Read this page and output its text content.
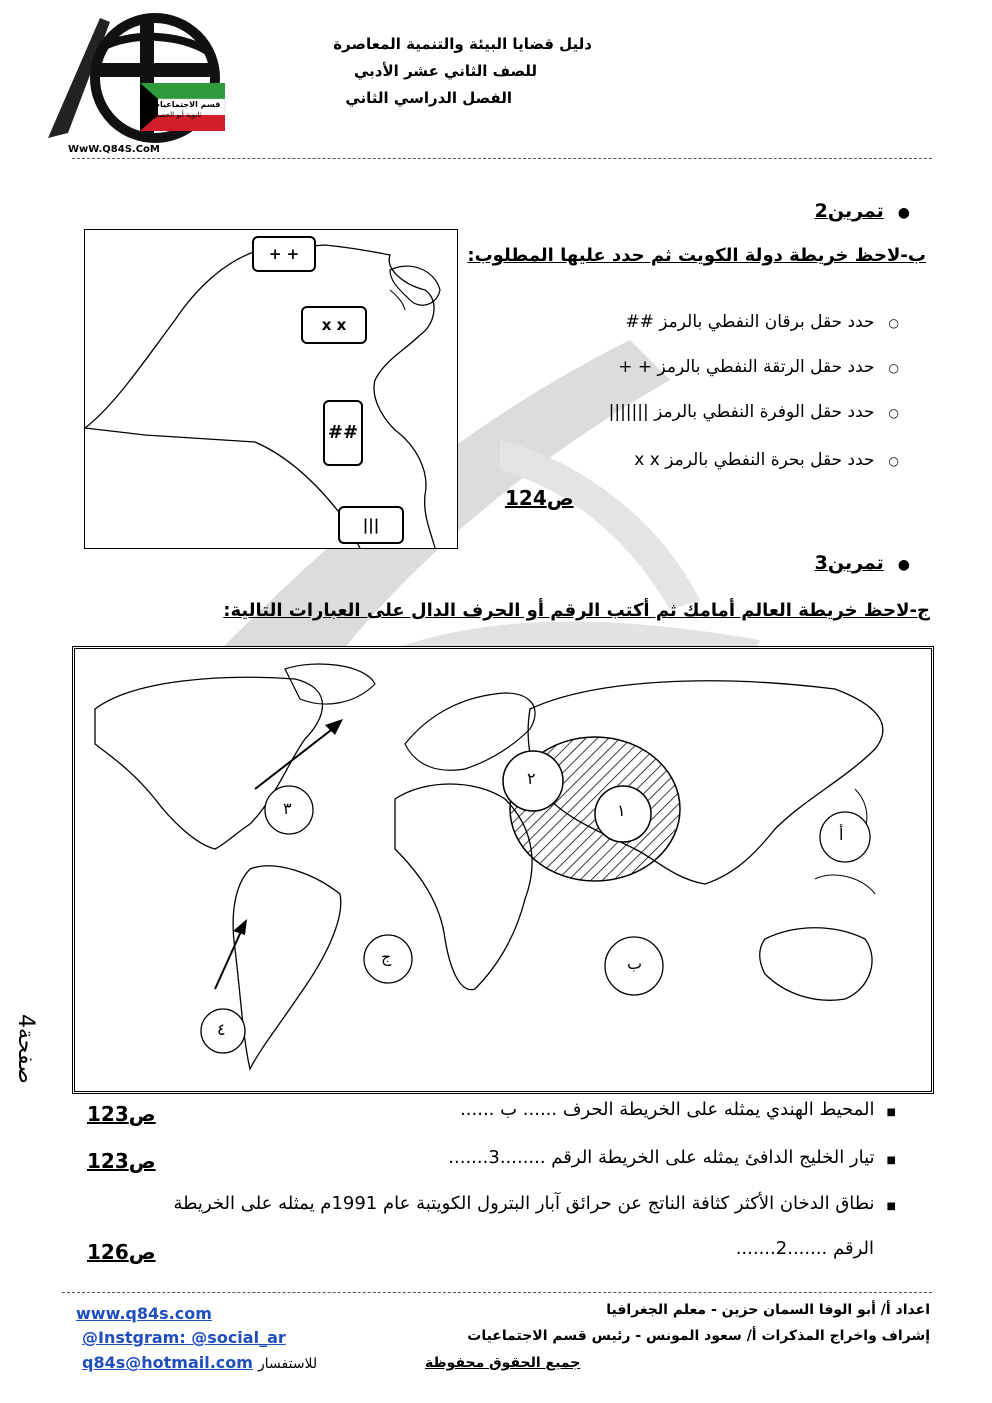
قسم الاجتماعيات
ثانوية أبو الحصين
WwW.Q84S.CoM
دليل قضايا البيئة والتنمية المعاصرة
للصف الثاني عشر الأدبي
الفصل الدراسي الثاني
●تمرين2
ب-لاحظ خريطة دولة الكويت ثم حدد عليها المطلوب:
○حدد حقل برقان النفطي بالرمز ##
○حدد حقل الرتقة النفطي بالرمز + +
○حدد حقل الوفرة النفطي بالرمز |||||||
○حدد حقل بحرة النفطي بالرمز x x
ص124
+ +
x x
##
|||
●تمرين3
ج-لاحظ خريطة العالم أمامك ثم أكتب الرقم أو الحرف الدال على العبارات التالية:
١
٢
٣
٤
أ
ب
ج
صفحة4
■المحيط الهندي يمثله على الخريطة الحرف ...... ب ......
ص123
■تيار الخليج الدافئ يمثله على الخريطة الرقم ........3.......
ص123
■نطاق الدخان الأكثر كثافة الناتج عن حرائق آبار البترول الكويتبة عام 1991م يمثله على الخريطة
الرقم .......2.......
ص126
www.q84s.com
@Instgram: @social_ar
q84s@hotmail.com للاستفسار
اعداد أ/ أبو الوفا السمان حزين - معلم الجغرافيا
إشراف واخراج المذكرات أ/ سعود المونس - رئيس قسم الاجتماعيات
جميع الحقوق محفوظة
